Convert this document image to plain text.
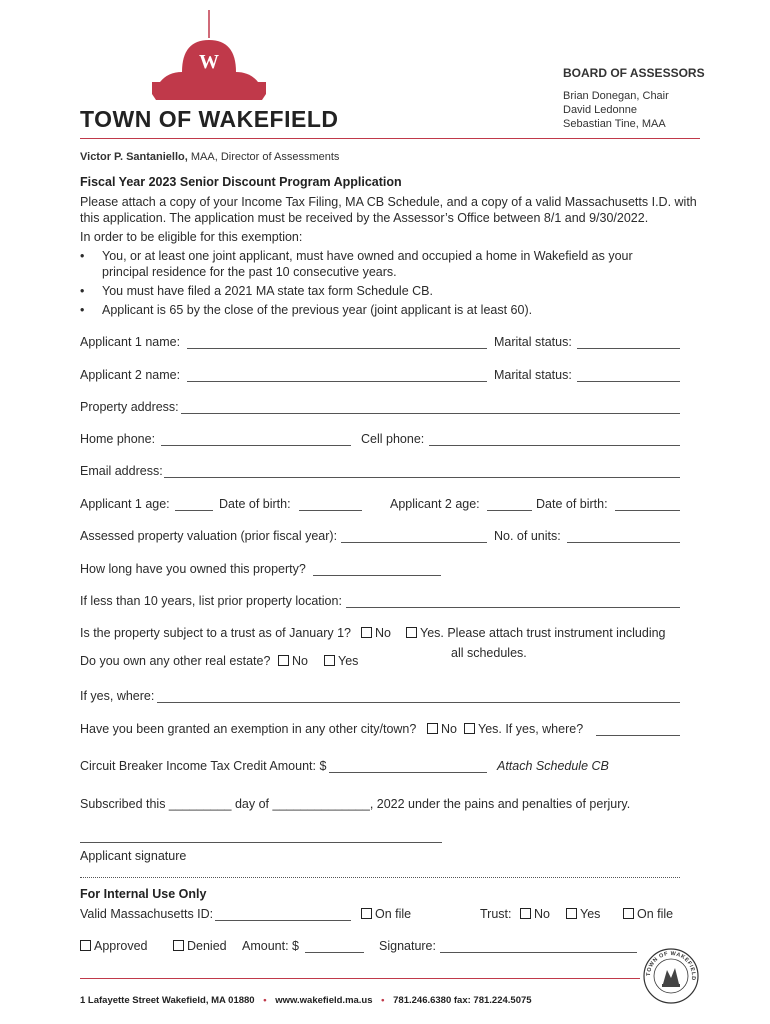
W
TOWN OF WAKEFIELD
BOARD OF ASSESSORS
Brian Donegan, Chair
David Ledonne
Sebastian Tine, MAA
Victor P. Santaniello, MAA, Director of Assessments
Fiscal Year 2023 Senior Discount Program Application
Please attach a copy of your Income Tax Filing, MA CB Schedule, and a copy of a valid Massachusetts I.D. with
this application. The application must be received by the Assessor’s Office between 8/1 and 9/30/2022.
In order to be eligible for this exemption:
• You, or at least one joint applicant, must have owned and occupied a home in Wakefield as your
principal residence for the past 10 consecutive years.
• You must have filed a 2021 MA state tax form Schedule CB.
• Applicant is 65 by the close of the previous year (joint applicant is at least 60).
Applicant 1 name:	Marital status:
Applicant 2 name:	Marital status:
Property address:
Home phone:	Cell phone:
Email address:
Applicant 1 age:	Date of birth:	Applicant 2 age:	Date of birth:
Assessed property valuation (prior fiscal year):	No. of units:
How long have you owned this property?
If less than 10 years, list prior property location:
Is the property subject to a trust as of January 1?	No	Yes. Please attach trust instrument including
all schedules.
Do you own any other real estate?	No	Yes
If yes, where:
Have you been granted an exemption in any other city/town?	No	Yes. If yes, where?
Circuit Breaker Income Tax Credit Amount: $	Attach Schedule CB
Subscribed this _________ day of ______________, 2022 under the pains and penalties of perjury.
Applicant signature
For Internal Use Only
Valid Massachusetts ID:	On file	Trust:	No	Yes	On file
Approved	Denied Amount: $	Signature:
1 Lafayette Street Wakefield, MA 01880 • www.wakefield.ma.us • 781.246.6380 fax: 781.224.5075
TOWN OF WAKEFIELD
